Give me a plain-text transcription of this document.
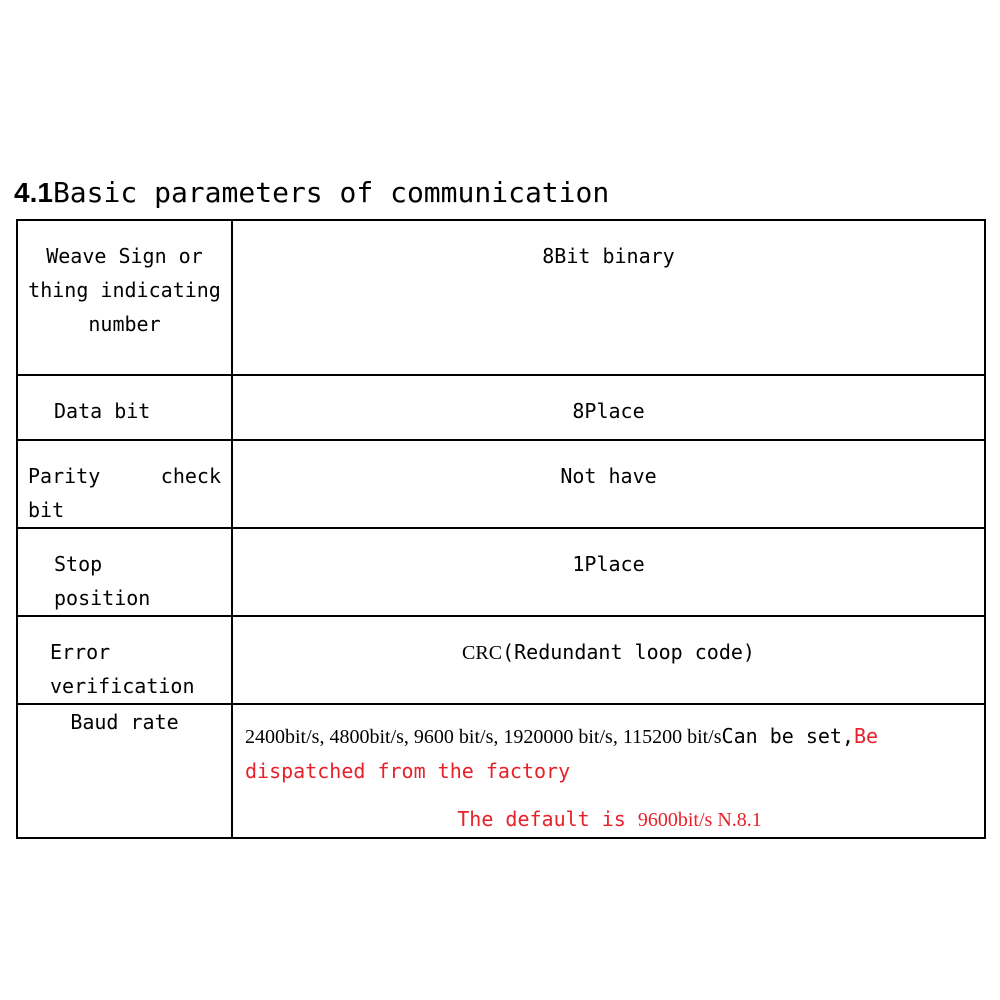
4.1Basic parameters of communication
Weave Sign or thing indicating number	8Bit binary
Data bit	8Place
Parity  check bit	Not have
Stop position	1Place
Error verification	CRC(Redundant loop code)
Baud rate	2400bit/s, 4800bit/s, 9600 bit/s, 1920000 bit/s, 115200 bit/sCan be set,Be dispatched from the factory
The default is 9600bit/s N.8.1
